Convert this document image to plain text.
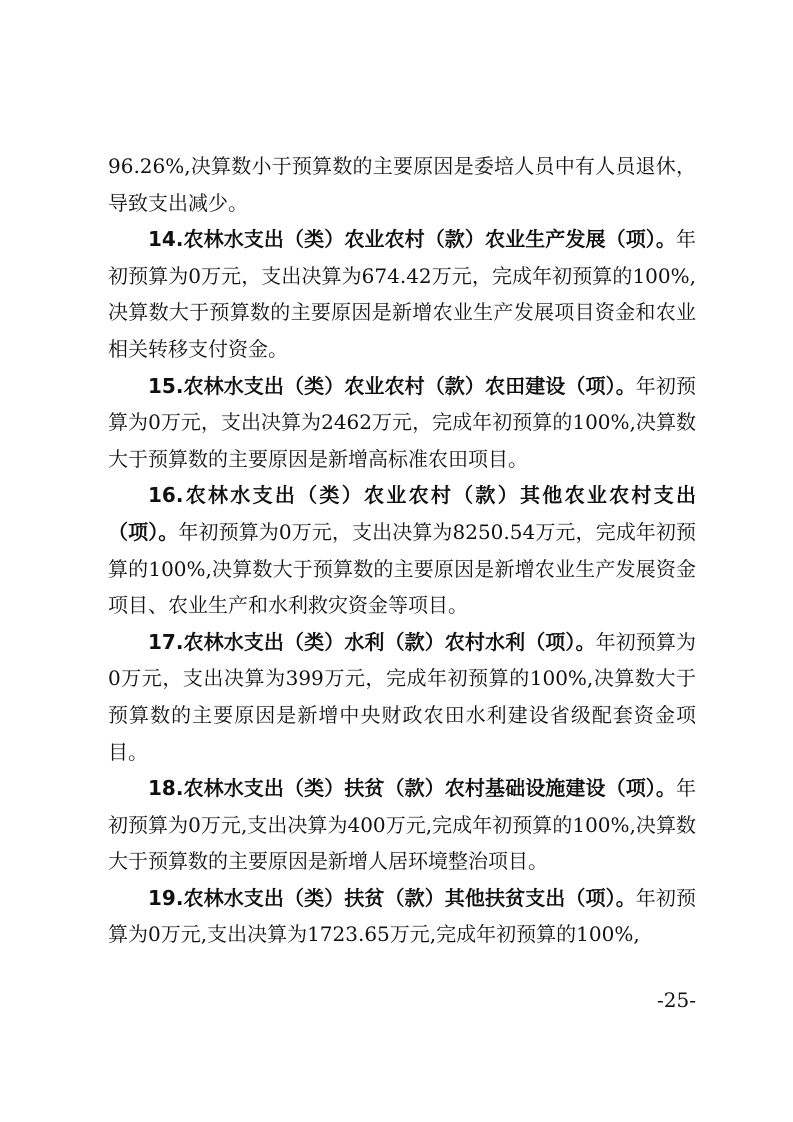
96.26%,决算数小于预算数的主要原因是委培人员中有人员退休，导致支出减少。

14.农林水支出（类）农业农村（款）农业生产发展（项）。年初预算为0万元，支出决算为674.42万元，完成年初预算的100%,决算数大于预算数的主要原因是新增农业生产发展项目资金和农业相关转移支付资金。

15.农林水支出（类）农业农村（款）农田建设（项）。年初预算为0万元，支出决算为2462万元，完成年初预算的100%,决算数大于预算数的主要原因是新增高标准农田项目。

16.农林水支出（类）农业农村（款）其他农业农村支出（项）。年初预算为0万元，支出决算为8250.54万元，完成年初预算的100%,决算数大于预算数的主要原因是新增农业生产发展资金项目、农业生产和水利救灾资金等项目。

17.农林水支出（类）水利（款）农村水利（项）。年初预算为0万元，支出决算为399万元，完成年初预算的100%,决算数大于预算数的主要原因是新增中央财政农田水利建设省级配套资金项目。

18.农林水支出（类）扶贫（款）农村基础设施建设（项）。年初预算为0万元,支出决算为400万元,完成年初预算的100%,决算数大于预算数的主要原因是新增人居环境整治项目。

19.农林水支出（类）扶贫（款）其他扶贫支出（项）。年初预算为0万元,支出决算为1723.65万元,完成年初预算的100%,

-25-
